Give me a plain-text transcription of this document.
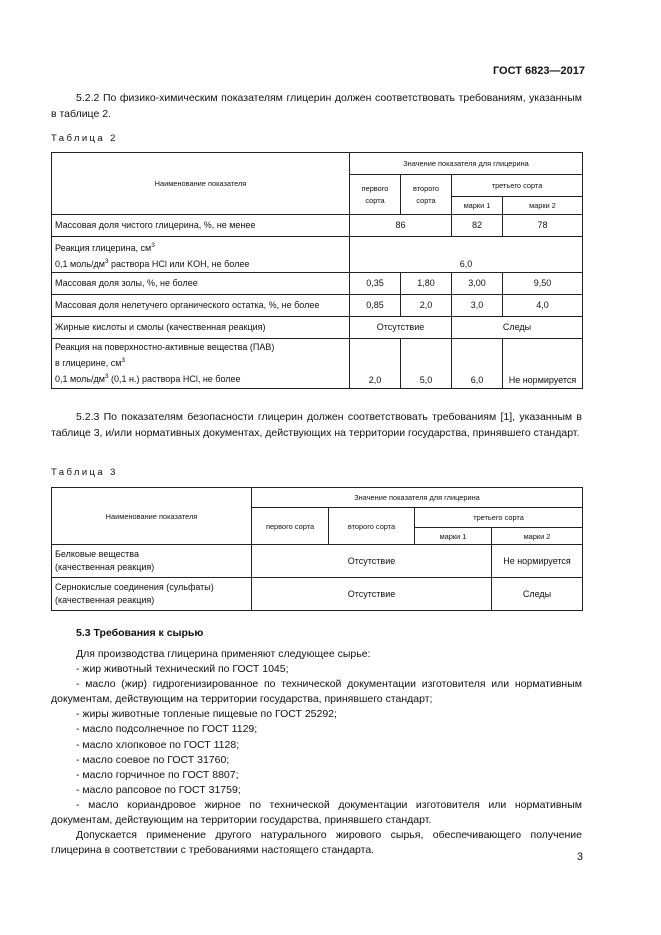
ГОСТ 6823—2017
5.2.2 По физико-химическим показателям глицерин должен соответствовать требованиям, указанным в таблице 2.
Таблица 2
Наименование показателя	Значение показателя для глицерина			
	первого сорта	второго сорта	третьего сорта	
			марки 1	марки 2
Массовая доля чистого глицерина, %, не менее	86		82	78
Реакция глицерина, $см^3$
0,1 моль/$дм^3$ раствора HCl или KOH, не более	6,0			
Массовая доля золы, %, не более	0,35	1,80	3,00	9,50
Массовая доля нелетучего органического остатка, %, не более	0,85	2,0	3,0	4,0
Жирные кислоты и смолы (качественная реакция)	Отсутствие		Следы	
Реакция на поверхностно-активные вещества (ПАВ)
в глицерине, $см^3$
0,1 моль/$дм^3$ (0,1 н.) раствора HCl, не более	2,0	5,0	6,0	Не нормируется
5.2.3 По показателям безопасности глицерин должен соответствовать требованиям [1], указанным в таблице 3, и/или нормативных документах, действующих на территории государства, принявшего стандарт.
Таблица 3
Наименование показателя	Значение показателя для глицерина			
	первого сорта	второго сорта	третьего сорта	
			марки 1	марки 2
Белковые вещества
(качественная реакция)	Отсутствие			Не нормируется
Сернокислые соединения (сульфаты)
(качественная реакция)	Отсутствие			Следы
5.3 Требования к сырью

Для производства глицерина применяют следующее сырье:

- жир животный технический по ГОСТ 1045;

- масло (жир) гидрогенизированное по технической документации изготовителя или нормативным документам, действующим на территории государства, принявшего стандарт;

- жиры животные топленые пищевые по ГОСТ 25292;

- масло подсолнечное по ГОСТ 1129;

- масло хлопковое по ГОСТ 1128;

- масло соевое по ГОСТ 31760;

- масло горчичное по ГОСТ 8807;

- масло рапсовое по ГОСТ 31759;

- масло кориандровое жирное по технической документации изготовителя или нормативным документам, действующим на территории государства, принявшего стандарт.

Допускается применение другого натурального жирового сырья, обеспечивающего получение глицерина в соответствии с требованиями настоящего стандарта.

3
